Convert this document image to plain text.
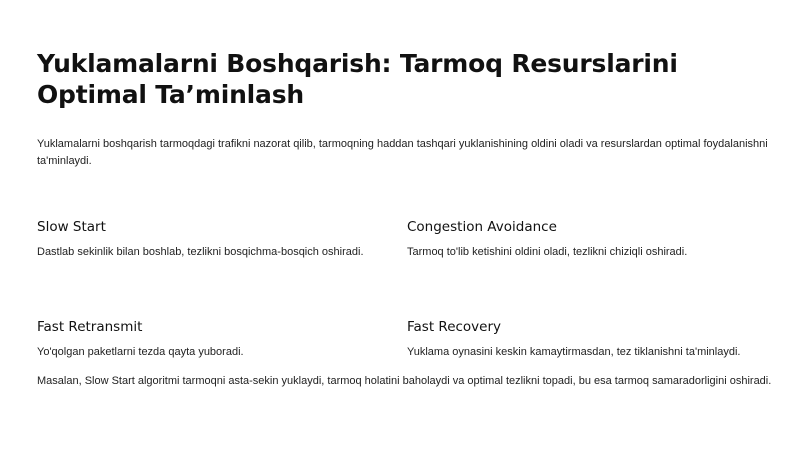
Yuklamalarni Boshqarish: Tarmoq Resurslarini Optimal Ta’minlash

Yuklamalarni boshqarish tarmoqdagi trafikni nazorat qilib, tarmoqning haddan tashqari yuklanishining oldini oladi va resurslardan optimal foydalanishni ta'minlaydi.

Slow Start

Dastlab sekinlik bilan boshlab, tezlikni bosqichma-bosqich oshiradi.

Congestion Avoidance

Tarmoq to'lib ketishini oldini oladi, tezlikni chiziqli oshiradi.

Fast Retransmit

Yo'qolgan paketlarni tezda qayta yuboradi.

Fast Recovery

Yuklama oynasini keskin kamaytirmasdan, tez tiklanishni ta'minlaydi.

Masalan, Slow Start algoritmi tarmoqni asta-sekin yuklaydi, tarmoq holatini baholaydi va optimal tezlikni topadi, bu esa tarmoq samaradorligini oshiradi.
